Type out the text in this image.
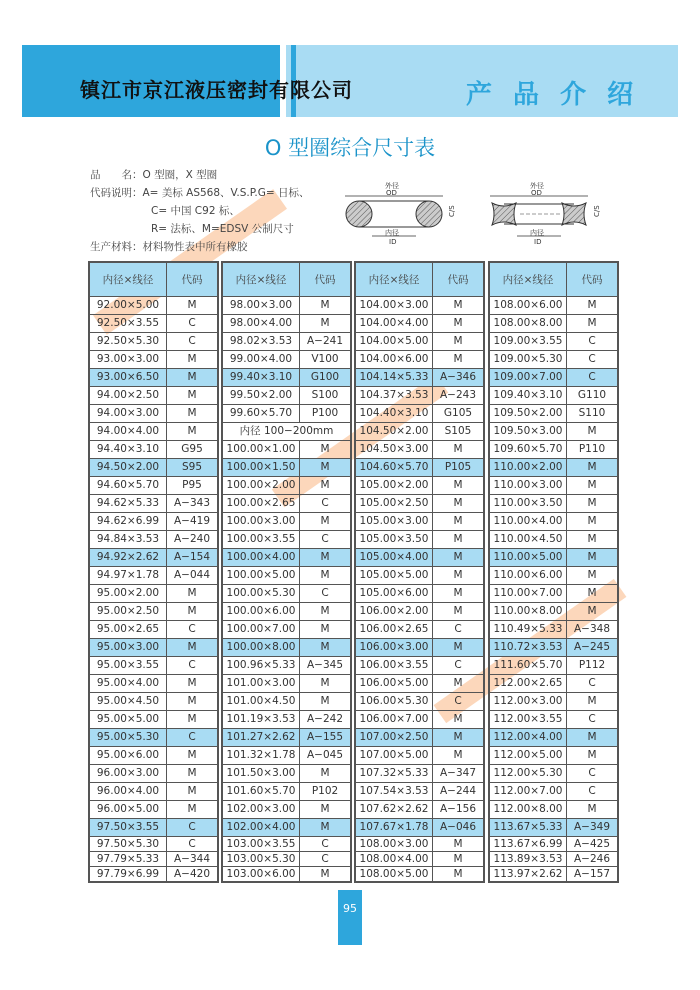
镇江市京江液压密封有限公司	产 品 介 绍
O 型圈综合尺寸表
品　　名：O 型圈，X 型圈
代码说明：A= 美标 AS568、V.S.P.G= 日标、
C= 中国 C92 标、
R= 法标、M=EDSV 公制尺寸
生产材料：材料物性表中所有橡胶
外径
OD
内径
ID
C/S
外径
OD
内径
ID
C/S
内径×线径	代码
92.00×5.00	M
92.50×3.55	C
92.50×5.30	C
93.00×3.00	M
93.00×6.50	M
94.00×2.50	M
94.00×3.00	M
94.00×4.00	M
94.40×3.10	G95
94.50×2.00	S95
94.60×5.70	P95
94.62×5.33	A−343
94.62×6.99	A−419
94.84×3.53	A−240
94.92×2.62	A−154
94.97×1.78	A−044
95.00×2.00	M
95.00×2.50	M
95.00×2.65	C
95.00×3.00	M
95.00×3.55	C
95.00×4.00	M
95.00×4.50	M
95.00×5.00	M
95.00×5.30	C
95.00×6.00	M
96.00×3.00	M
96.00×4.00	M
96.00×5.00	M
97.50×3.55	C
97.50×5.30	C
97.79×5.33	A−344
97.79×6.99	A−420
内径×线径	代码
98.00×3.00	M
98.00×4.00	M
98.02×3.53	A−241
99.00×4.00	V100
99.40×3.10	G100
99.50×2.00	S100
99.60×5.70	P100
内径 100−200mm	
100.00×1.00	M
100.00×1.50	M
100.00×2.00	M
100.00×2.65	C
100.00×3.00	M
100.00×3.55	C
100.00×4.00	M
100.00×5.00	M
100.00×5.30	C
100.00×6.00	M
100.00×7.00	M
100.00×8.00	M
100.96×5.33	A−345
101.00×3.00	M
101.00×4.50	M
101.19×3.53	A−242
101.27×2.62	A−155
101.32×1.78	A−045
101.50×3.00	M
101.60×5.70	P102
102.00×3.00	M
102.00×4.00	M
103.00×3.55	C
103.00×5.30	C
103.00×6.00	M
内径×线径	代码
104.00×3.00	M
104.00×4.00	M
104.00×5.00	M
104.00×6.00	M
104.14×5.33	A−346
104.37×3.53	A−243
104.40×3.10	G105
104.50×2.00	S105
104.50×3.00	M
104.60×5.70	P105
105.00×2.00	M
105.00×2.50	M
105.00×3.00	M
105.00×3.50	M
105.00×4.00	M
105.00×5.00	M
105.00×6.00	M
106.00×2.00	M
106.00×2.65	C
106.00×3.00	M
106.00×3.55	C
106.00×5.00	M
106.00×5.30	C
106.00×7.00	M
107.00×2.50	M
107.00×5.00	M
107.32×5.33	A−347
107.54×3.53	A−244
107.62×2.62	A−156
107.67×1.78	A−046
108.00×3.00	M
108.00×4.00	M
108.00×5.00	M
内径×线径	代码
108.00×6.00	M
108.00×8.00	M
109.00×3.55	C
109.00×5.30	C
109.00×7.00	C
109.40×3.10	G110
109.50×2.00	S110
109.50×3.00	M
109.60×5.70	P110
110.00×2.00	M
110.00×3.00	M
110.00×3.50	M
110.00×4.00	M
110.00×4.50	M
110.00×5.00	M
110.00×6.00	M
110.00×7.00	M
110.00×8.00	M
110.49×5.33	A−348
110.72×3.53	A−245
111.60×5.70	P112
112.00×2.65	C
112.00×3.00	M
112.00×3.55	C
112.00×4.00	M
112.00×5.00	M
112.00×5.30	C
112.00×7.00	C
112.00×8.00	M
113.67×5.33	A−349
113.67×6.99	A−425
113.89×3.53	A−246
113.97×2.62	A−157
95
